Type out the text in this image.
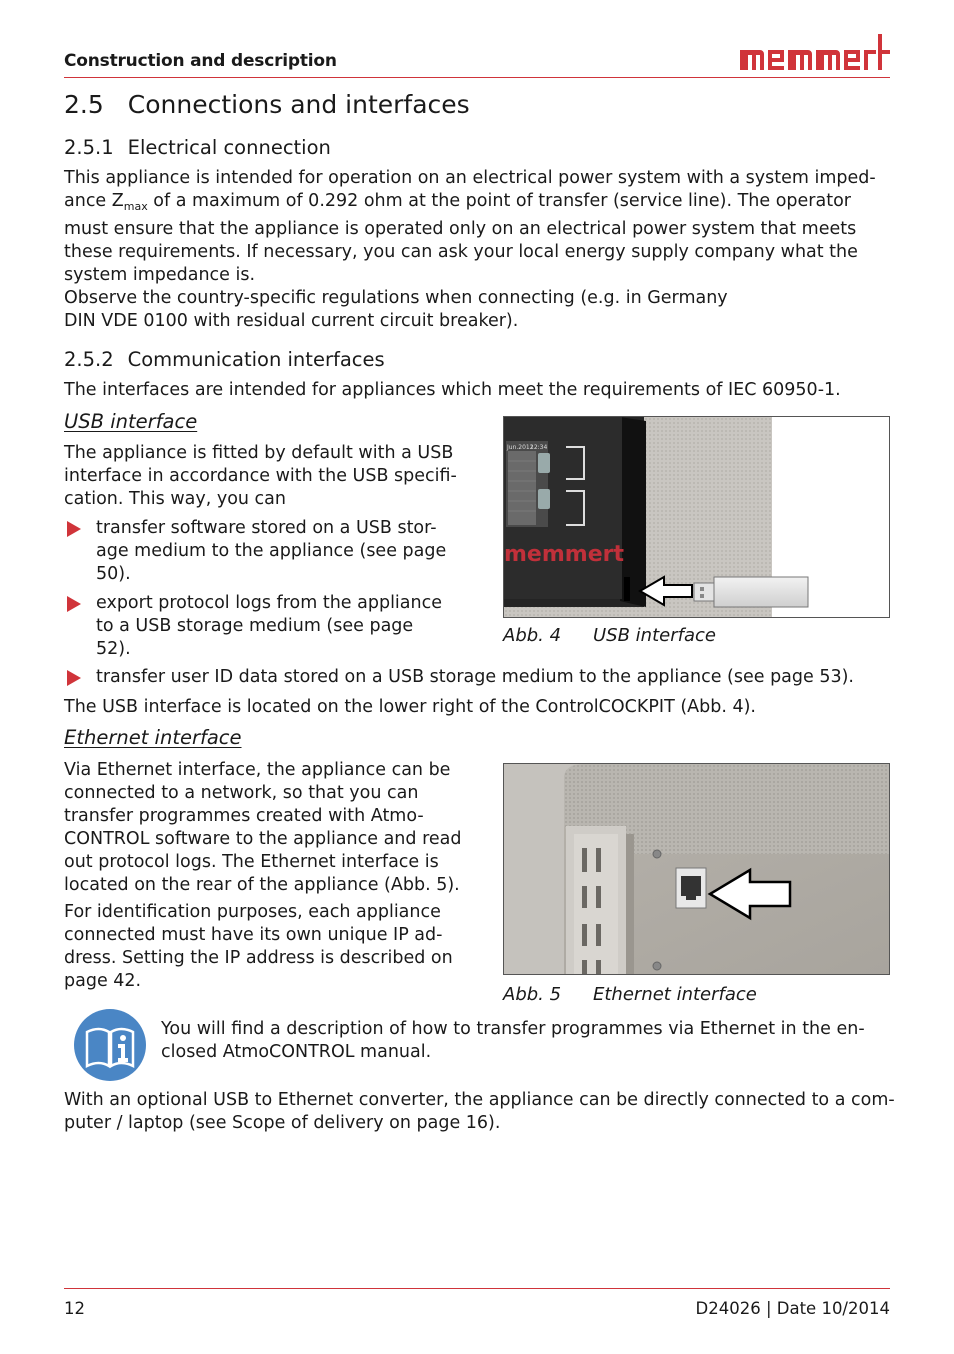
Construction and description
2.5 Connections and interfaces
2.5.1 Electrical connection
This appliance is intended for operation on an electrical power system with a system imped-
ance $Z_{max}$ of a maximum of 0.292 ohm at the point of transfer (service line). The operator
must ensure that the appliance is operated only on an electrical power system that meets
these requirements. If necessary, you can ask your local energy supply company what the
system impedance is.
Observe the country-specific regulations when connecting (e.g. in Germany
DIN VDE 0100 with residual current circuit breaker).
2.5.2 Communication interfaces
The interfaces are intended for appliances which meet the requirements of IEC 60950-1.
USB interface
The appliance is fitted by default with a USB
interface in accordance with the USB specifi-
cation. This way, you can
transfer software stored on a USB stor-
age medium to the appliance (see page
50).
export protocol logs from the appliance
to a USB storage medium (see page
52).
transfer user ID data stored on a USB storage medium to the appliance (see page 53).
The USB interface is located on the lower right of the ControlCOCKPIT (Abb. 4).
Jun.2012
12:34
memmert
Abb. 4 USB interface
Ethernet interface
Via Ethernet interface, the appliance can be
connected to a network, so that you can
transfer programmes created with Atmo-
CONTROL software to the appliance and read
out protocol logs. The Ethernet interface is
located on the rear of the appliance (Abb. 5).
For identification purposes, each appliance
connected must have its own unique IP ad-
dress. Setting the IP address is described on
page 42.
Abb. 5 Ethernet interface
You will find a description of how to transfer programmes via Ethernet in the en-
closed AtmoCONTROL manual.
With an optional USB to Ethernet converter, the appliance can be directly connected to a com-
puter / laptop (see Scope of delivery on page 16).
12	D24026 | Date 10/2014
